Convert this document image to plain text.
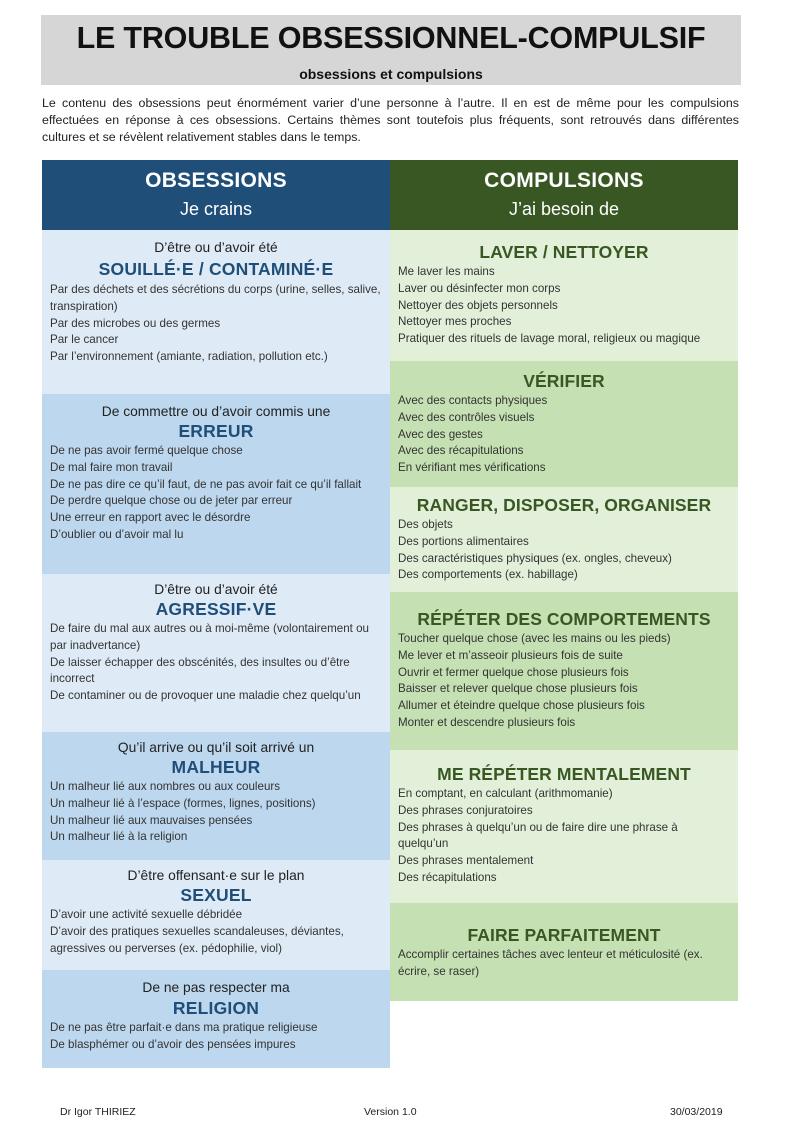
LE TROUBLE OBSESSIONNEL-COMPULSIF
obsessions et compulsions

Le contenu des obsessions peut énormément varier d’une personne à l’autre. Il en est de même pour les compulsions effectuées en réponse à ces obsessions. Certains thèmes sont toutefois plus fréquents, sont retrouvés dans différentes cultures et se révèlent relativement stables dans le temps.

OBSESSIONS
Je crains
D’être ou d’avoir été
SOUILLÉ·E / CONTAMINÉ·E
Par des déchets et des sécrétions du corps (urine, selles, salive, transpiration)
Par des microbes ou des germes
Par le cancer
Par l’environnement (amiante, radiation, pollution etc.)
De commettre ou d’avoir commis une
ERREUR
De ne pas avoir fermé quelque chose
De mal faire mon travail
De ne pas dire ce qu’il faut, de ne pas avoir fait ce qu’il fallait
De perdre quelque chose ou de jeter par erreur
Une erreur en rapport avec le désordre
D’oublier ou d’avoir mal lu
D’être ou d’avoir été
AGRESSIF·VE
De faire du mal aux autres ou à moi-même (volontairement ou par inadvertance)
De laisser échapper des obscénités, des insultes ou d’être incorrect
De contaminer ou de provoquer une maladie chez quelqu’un
Qu’il arrive ou qu’il soit arrivé un
MALHEUR
Un malheur lié aux nombres ou aux couleurs
Un malheur lié à l’espace (formes, lignes, positions)
Un malheur lié aux mauvaises pensées
Un malheur lié à la religion
D’être offensant·e sur le plan
SEXUEL
D’avoir une activité sexuelle débridée
D’avoir des pratiques sexuelles scandaleuses, déviantes, agressives ou perverses (ex. pédophilie, viol)
De ne pas respecter ma
RELIGION
De ne pas être parfait·e dans ma pratique religieuse
De blasphémer ou d’avoir des pensées impures
COMPULSIONS
J’ai besoin de
LAVER / NETTOYER
Me laver les mains
Laver ou désinfecter mon corps
Nettoyer des objets personnels
Nettoyer mes proches
Pratiquer des rituels de lavage moral, religieux ou magique
VÉRIFIER
Avec des contacts physiques
Avec des contrôles visuels
Avec des gestes
Avec des récapitulations
En vérifiant mes vérifications
RANGER, DISPOSER, ORGANISER
Des objets
Des portions alimentaires
Des caractéristiques physiques (ex. ongles, cheveux)
Des comportements (ex. habillage)
RÉPÉTER DES COMPORTEMENTS
Toucher quelque chose (avec les mains ou les pieds)
Me lever et m’asseoir plusieurs fois de suite
Ouvrir et fermer quelque chose plusieurs fois
Baisser et relever quelque chose plusieurs fois
Allumer et éteindre quelque chose plusieurs fois
Monter et descendre plusieurs fois
ME RÉPÉTER MENTALEMENT
En comptant, en calculant (arithmomanie)
Des phrases conjuratoires
Des phrases à quelqu’un ou de faire dire une phrase à quelqu’un
Des phrases mentalement
Des récapitulations
FAIRE PARFAITEMENT
Accomplir certaines tâches avec lenteur et méticulosité (ex. écrire, se raser)
Dr Igor THIRIEZ	Version 1.0	30/03/2019
